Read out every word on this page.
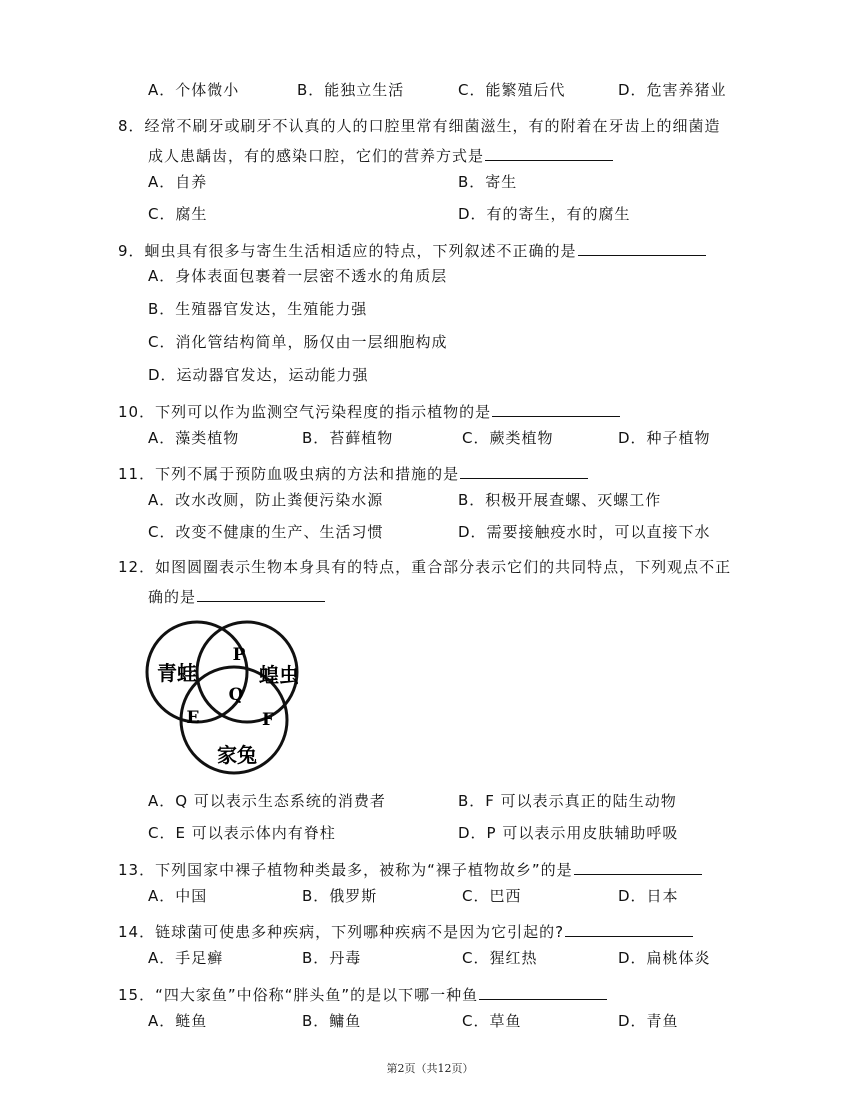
A．个体微小	B．能独立生活	C．能繁殖后代	D．危害养猪业
8．经常不刷牙或刷牙不认真的人的口腔里常有细菌滋生，有的附着在牙齿上的细菌造
成人患龋齿，有的感染口腔，它们的营养方式是
A．自养	B．寄生
C．腐生	D．有的寄生，有的腐生
9．蛔虫具有很多与寄生生活相适应的特点，下列叙述不正确的是
A．身体表面包裹着一层密不透水的角质层
B．生殖器官发达，生殖能力强
C．消化管结构简单，肠仅由一层细胞构成
D．运动器官发达，运动能力强
10．下列可以作为监测空气污染程度的指示植物的是
A．藻类植物	B．苔藓植物	C．蕨类植物	D．种子植物
11．下列不属于预防血吸虫病的方法和措施的是
A．改水改厕，防止粪便污染水源	B．积极开展查螺、灭螺工作
C．改变不健康的生产、生活习惯	D．需要接触疫水时，可以直接下水
12．如图圆圈表示生物本身具有的特点，重合部分表示它们的共同特点，下列观点不正
确的是
青蛙	蝗虫
家兔
P
Q
E	F
A．Q 可以表示生态系统的消费者	B．F 可以表示真正的陆生动物
C．E 可以表示体内有脊柱	D．P 可以表示用皮肤辅助呼吸
13．下列国家中裸子植物种类最多，被称为“裸子植物故乡”的是
A．中国	B．俄罗斯	C．巴西	D．日本
14．链球菌可使患多种疾病，下列哪种疾病不是因为它引起的?
A．手足癣	B．丹毒	C．猩红热	D．扁桃体炎
15．“四大家鱼”中俗称“胖头鱼”的是以下哪一种鱼
A．鲢鱼	B．鳙鱼	C．草鱼	D．青鱼
第2页（共12页）
